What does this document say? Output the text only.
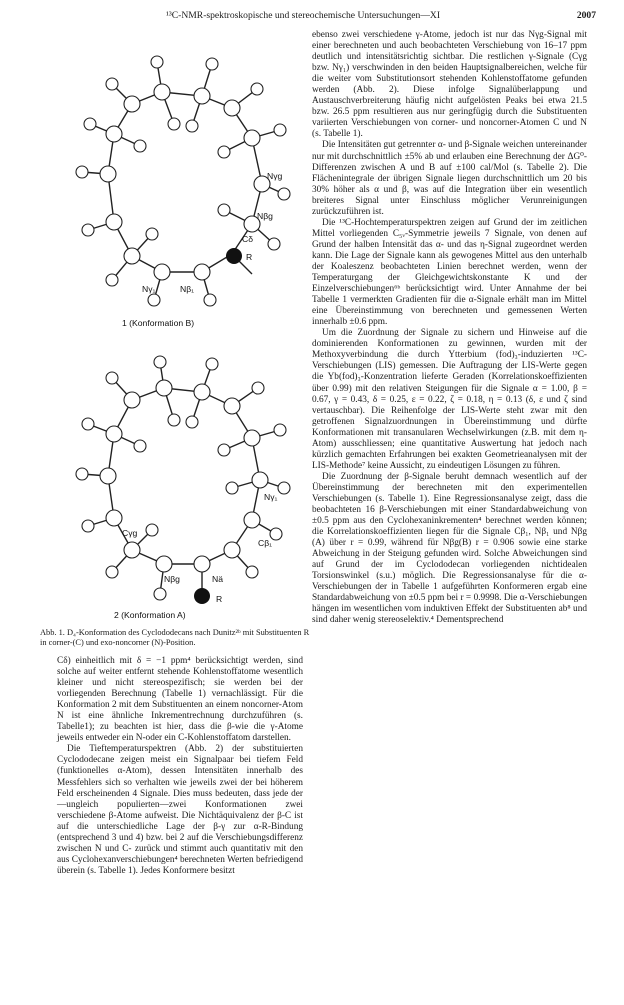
¹³C-NMR-spektroskopische und stereochemische Untersuchungen—XI	2007
Nγg
Nβg
Cδ
R
Nγ₁	Nβ₁
1 (Konformation B)
Nγ₁
Cβ₁
Cγg
Nβg	Nä
R
2 (Konformation A)
Abb. 1. D₄-Konformation des Cyclododecans nach Dunitz²ᵇ mit Substituenten R in corner-(C) und exo-noncorner (N)-Position.

Cδ) einheitlich mit δ = −1 ppm⁴ berücksichtigt werden, sind solche auf weiter entfernt stehende Kohlenstoffatome wesentlich kleiner und nicht stereospezifisch; sie werden bei der vorliegenden Berechnung (Tabelle 1) vernachlässigt. Für die Konformation 2 mit dem Substituenten an einem noncorner-Atom N ist eine ähnliche Inkrementrechnung durchzuführen (s. Tabelle1); zu beachten ist hier, dass die β-wie die γ-Atome jeweils entweder ein N-oder ein C-Kohlenstoffatom darstellen.

Die Tieftemperaturspektren (Abb. 2) der substituierten Cyclododecane zeigen meist ein Signalpaar bei tiefem Feld (funktionelles α-Atom), dessen Intensitäten innerhalb des Messfehlers sich so verhalten wie jeweils zwei der bei höherem Feld erscheinenden 4 Signale. Dies muss bedeuten, dass jede der—ungleich populierten—zwei Konformationen zwei verschiedene β-Atome aufweist. Die Nichtäquivalenz der β-C ist auf die unterschiedliche Lage der β-γ zur α-R-Bindung (entsprechend 3 und 4) bzw. bei 2 auf die Verschiebungsdifferenz zwischen N und C- zurück und stimmt auch quantitativ mit den aus Cyclohexanverschiebungen⁴ berechneten Werten befriedigend überein (s. Tabelle 1). Jedes Konformere besitzt

ebenso zwei verschiedene γ-Atome, jedoch ist nur das Nγg-Signal mit einer berechneten und auch beobachteten Verschiebung von 16–17 ppm deutlich und intensitätsrichtig sichtbar. Die restlichen γ-Signale (Cγg bzw. Nγ₁) verschwinden in den beiden Hauptsignalbereichen, welche für die weiter vom Substitutionsort stehenden Kohlenstoffatome gefunden werden (Abb. 2). Diese infolge Signalüberlappung und Austauschverbreiterung häufig nicht aufgelösten Peaks bei etwa 21.5 bzw. 26.5 ppm resultieren aus nur geringfügig durch die Substituenten variierten Verschiebungen von corner- und noncorner-Atomen C und N (s. Tabelle 1).

Die Intensitäten gut getrennter α- und β-Signale weichen untereinander nur mit durchschnittlich ±5% ab und erlauben eine Berechnung der ΔG⁰-Differenzen zwischen A und B auf ±100 cal/Mol (s. Tabelle 2). Die Flächenintegrale der übrigen Signale liegen durchschnittlich um 20 bis 30% höher als α und β, was auf die Integration über ein wesentlich breiteres Signal unter Einschluss möglicher Verunreinigungen zurückzuführen ist.

Die ¹³C-Hochtemperaturspektren zeigen auf Grund der im zeitlichen Mittel vorliegenden C₅ᵥ-Symmetrie jeweils 7 Signale, von denen auf Grund der halben Intensität das α- und das η-Signal zugeordnet werden kann. Die Lage der Signale kann als gewogenes Mittel aus den unterhalb der Koaleszenz beobachteten Linien berechnet werden, wenn der Temperaturgang der Gleichgewichtskonstante K und der Einzelverschiebungen⁶ᵇ berücksichtigt wird. Unter Annahme der bei Tabelle 1 vermerkten Gradienten für die α-Signale erhält man im Mittel eine Übereinstimmung von berechneten und gemessenen Werten innerhalb ±0.6 ppm.

Um die Zuordnung der Signale zu sichern und Hinweise auf die dominierenden Konformationen zu gewinnen, wurden mit der Methoxyverbindung die durch Ytterbium (fod)₃-induzierten ¹³C-Verschiebungen (LIS) gemessen. Die Auftragung der LIS-Werte gegen die Yb(fod)₃-Konzentration lieferte Geraden (Korrelationskoeffizienten über 0.99) mit den relativen Steigungen für die Signale α = 1.00, β = 0.67, γ = 0.43, δ = 0.25, ε = 0.22, ζ = 0.18, η = 0.13 (δ, ε und ζ sind vertauschbar). Die Reihenfolge der LIS-Werte steht zwar mit den getroffenen Signalzuordnungen in Übereinstimmung und dürfte Konformationen mit transanularen Wechselwirkungen (z.B. mit dem η-Atom) ausschliessen; eine quantitative Auswertung hat jedoch nach kürzlich gemachten Erfahrungen bei exakten Geometrieanalysen mit der LIS-Methode⁷ keine Aussicht, zu eindeutigen Lösungen zu führen.

Die Zuordnung der β-Signale beruht demnach wesentlich auf der Übereinstimmung der berechneten mit den experimentellen Verschiebungen (s. Tabelle 1). Eine Regressionsanalyse zeigt, dass die beobachteten 16 β-Verschiebungen mit einer Standardabweichung von ±0.5 ppm aus den Cyclohexaninkrementen⁴ berechnet werden können; die Korrelationskoeffizienten liegen für die Signale Cβ₁, Nβ₁ und Nβg (A) über r = 0.99, während für Nβg(B) r = 0.906 sowie eine starke Abweichung in der Steigung gefunden wird. Solche Abweichungen sind auf Grund der im Cyclododecan vorliegenden nichtidealen Torsionswinkel (s.u.) möglich. Die Regressionsanalyse für die α-Verschiebungen der in Tabelle 1 aufgeführten Konformeren ergab eine Standardabweichung von ±0.5 ppm bei r = 0.9998. Die α-Verschiebungen hängen im wesentlichen vom induktiven Effekt der Substituenten ab⁸ und sind daher wenig stereoselektiv.⁴ Dementsprechend
